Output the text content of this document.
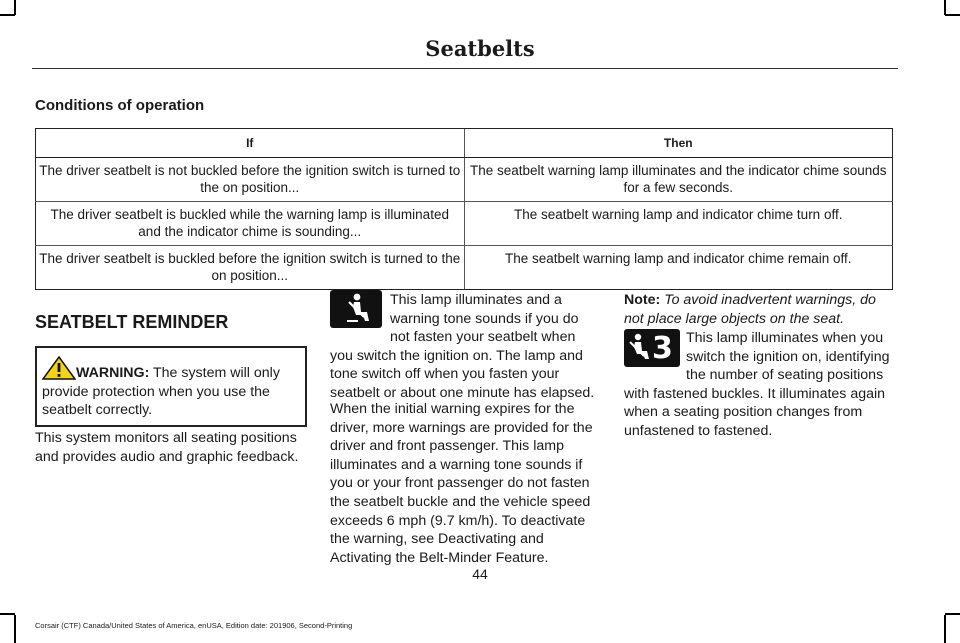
Seatbelts
Conditions of operation
If	Then
The driver seatbelt is not buckled before the ignition switch is turned to the on position...	The seatbelt warning lamp illuminates and the indicator chime sounds for a few seconds.
The driver seatbelt is buckled while the warning lamp is illuminated and the indicator chime is sounding...	The seatbelt warning lamp and indicator chime turn off.
The driver seatbelt is buckled before the ignition switch is turned to the on position...	The seatbelt warning lamp and indicator chime remain off.
SEATBELT REMINDER
WARNING: The system will only provide protection when you use the seatbelt correctly.
This system monitors all seating positions and provides audio and graphic feedback.
This lamp illuminates and a warning tone sounds if you do not fasten your seatbelt when you switch the ignition on. The lamp and tone switch off when you fasten your seatbelt or about one minute has elapsed.
When the initial warning expires for the driver, more warnings are provided for the driver and front passenger. This lamp illuminates and a warning tone sounds if you or your front passenger do not fasten the seatbelt buckle and the vehicle speed exceeds 6 mph (9.7 km/h). To deactivate the warning, see Deactivating and Activating the Belt-Minder Feature.
Note: To avoid inadvertent warnings, do not place large objects on the seat.
3 This lamp illuminates when you switch the ignition on, identifying the number of seating positions with fastened buckles. It illuminates again when a seating position changes from unfastened to fastened.
44
Corsair (CTF) Canada/United States of America, enUSA, Edition date: 201906, Second-Printing
